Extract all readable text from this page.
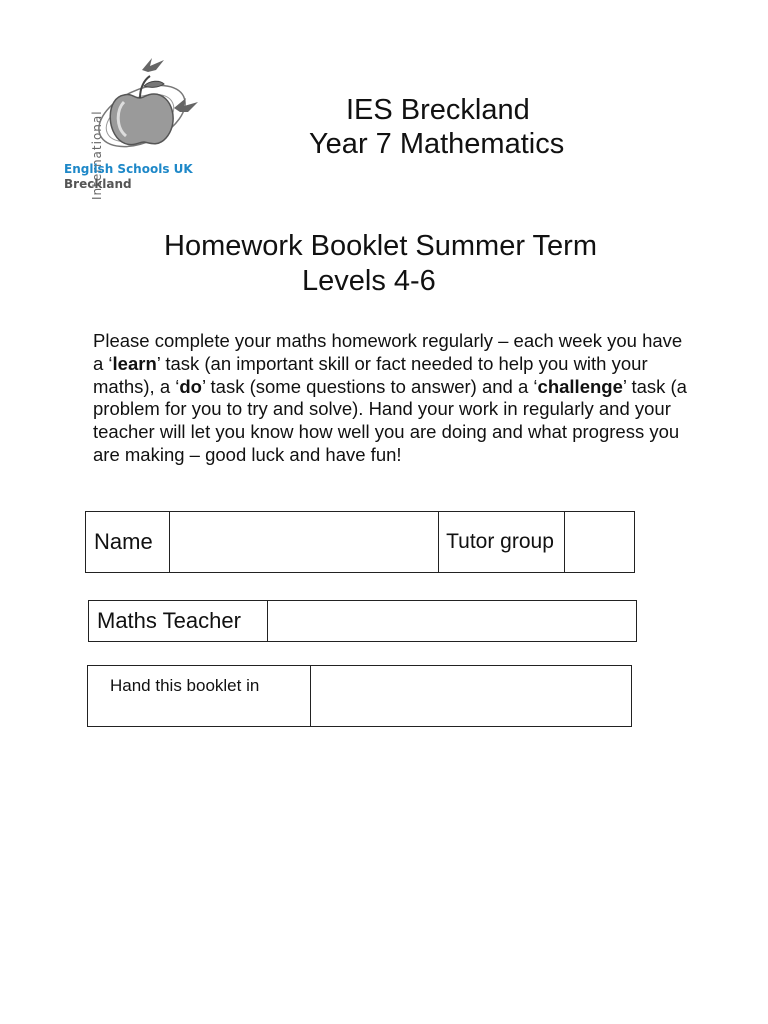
International
English Schools UK
Breckland
IES Breckland
Year 7 Mathematics
Homework Booklet Summer Term
Levels 4-6
Please complete your maths homework regularly – each week you have a ‘learn’ task (an important skill or fact needed to help you with your maths), a ‘do’ task (some questions to answer) and a ‘challenge’ task (a problem for you to try and solve). Hand your work in regularly and your teacher will let you know how well you are doing and what progress you are making – good luck and have fun!
Name		Tutor group	
Maths Teacher	
Hand this booklet in	
